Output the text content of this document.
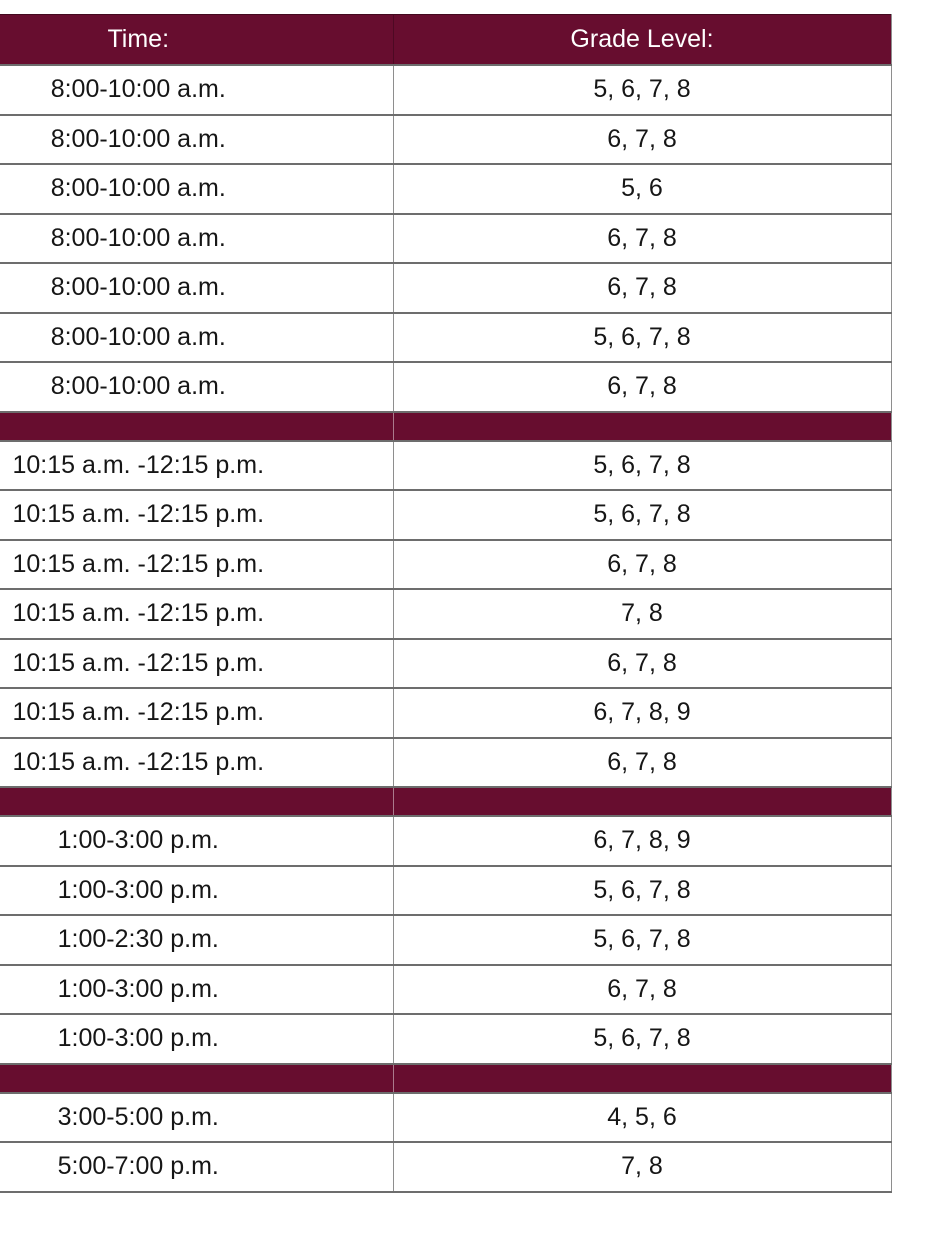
Time:	Grade Level:
8:00-10:00 a.m.	5, 6, 7, 8
8:00-10:00 a.m.	6, 7, 8
8:00-10:00 a.m.	5, 6
8:00-10:00 a.m.	6, 7, 8
8:00-10:00 a.m.	6, 7, 8
8:00-10:00 a.m.	5, 6, 7, 8
8:00-10:00 a.m.	6, 7, 8

10:15 a.m. -12:15 p.m.	5, 6, 7, 8
10:15 a.m. -12:15 p.m.	5, 6, 7, 8
10:15 a.m. -12:15 p.m.	6, 7, 8
10:15 a.m. -12:15 p.m.	7, 8
10:15 a.m. -12:15 p.m.	6, 7, 8
10:15 a.m. -12:15 p.m.	6, 7, 8, 9
10:15 a.m. -12:15 p.m.	6, 7, 8

1:00-3:00 p.m.	6, 7, 8, 9
1:00-3:00 p.m.	5, 6, 7, 8
1:00-2:30 p.m.	5, 6, 7, 8
1:00-3:00 p.m.	6, 7, 8
1:00-3:00 p.m.	5, 6, 7, 8

3:00-5:00 p.m.	4, 5, 6
5:00-7:00 p.m.	7, 8
